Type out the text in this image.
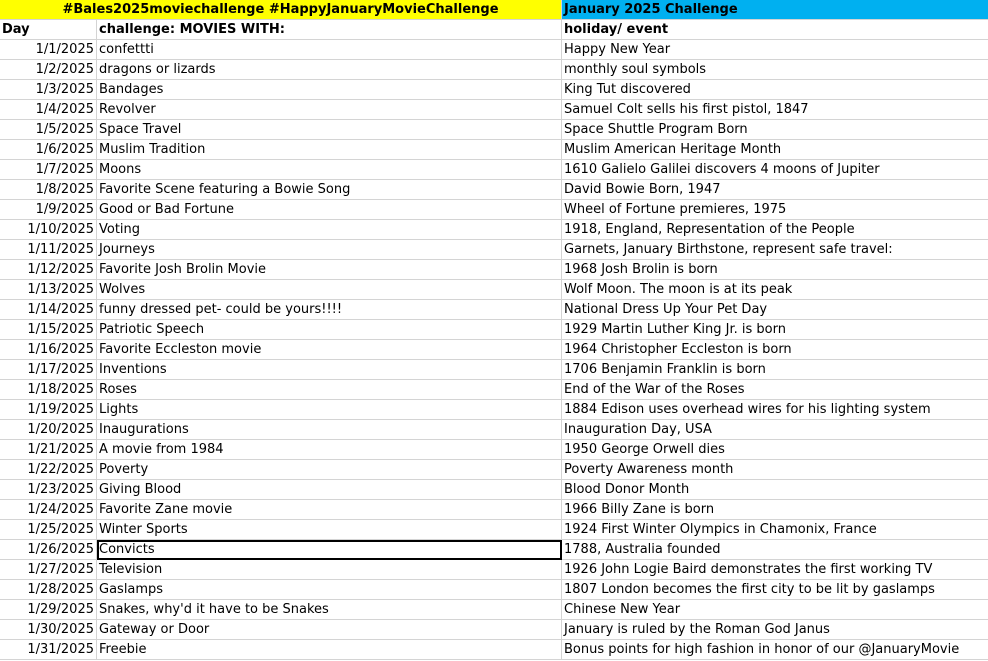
#Bales2025moviechallenge #HappyJanuaryMovieChallenge	January 2025 Challenge
Day	challenge: MOVIES WITH:	holiday/ event
1/1/2025 confettti	Happy New Year
1/2/2025 dragons or lizards	monthly soul symbols
1/3/2025 Bandages	King Tut discovered
1/4/2025 Revolver	Samuel Colt sells his first pistol, 1847
1/5/2025 Space Travel	Space Shuttle Program Born
1/6/2025 Muslim Tradition	Muslim American Heritage Month
1/7/2025 Moons	1610 Galielo Galilei discovers 4 moons of Jupiter
1/8/2025 Favorite Scene featuring a Bowie Song	David Bowie Born, 1947
1/9/2025 Good or Bad Fortune	Wheel of Fortune premieres, 1975
1/10/2025 Voting	1918, England, Representation of the People
1/11/2025 Journeys	Garnets, January Birthstone, represent safe travel:
1/12/2025 Favorite Josh Brolin Movie	1968 Josh Brolin is born
1/13/2025 Wolves	Wolf Moon. The moon is at its peak
1/14/2025 funny dressed pet- could be yours!!!!	National Dress Up Your Pet Day
1/15/2025 Patriotic Speech	1929 Martin Luther King Jr. is born
1/16/2025 Favorite Eccleston movie	1964 Christopher Eccleston is born
1/17/2025 Inventions	1706 Benjamin Franklin is born
1/18/2025 Roses	End of the War of the Roses
1/19/2025 Lights	1884 Edison uses overhead wires for his lighting system
1/20/2025 Inaugurations	Inauguration Day, USA
1/21/2025 A movie from 1984	1950 George Orwell dies
1/22/2025 Poverty	Poverty Awareness month
1/23/2025 Giving Blood	Blood Donor Month
1/24/2025 Favorite Zane movie	1966 Billy Zane is born
1/25/2025 Winter Sports	1924 First Winter Olympics in Chamonix, France
1/26/2025 Convicts	1788, Australia founded
1/27/2025 Television	1926 John Logie Baird demonstrates the first working TV
1/28/2025 Gaslamps	1807 London becomes the first city to be lit by gaslamps
1/29/2025 Snakes, why'd it have to be Snakes	Chinese New Year
1/30/2025 Gateway or Door	January is ruled by the Roman God Janus
1/31/2025 Freebie	Bonus points for high fashion in honor of our @JanuaryMovie
